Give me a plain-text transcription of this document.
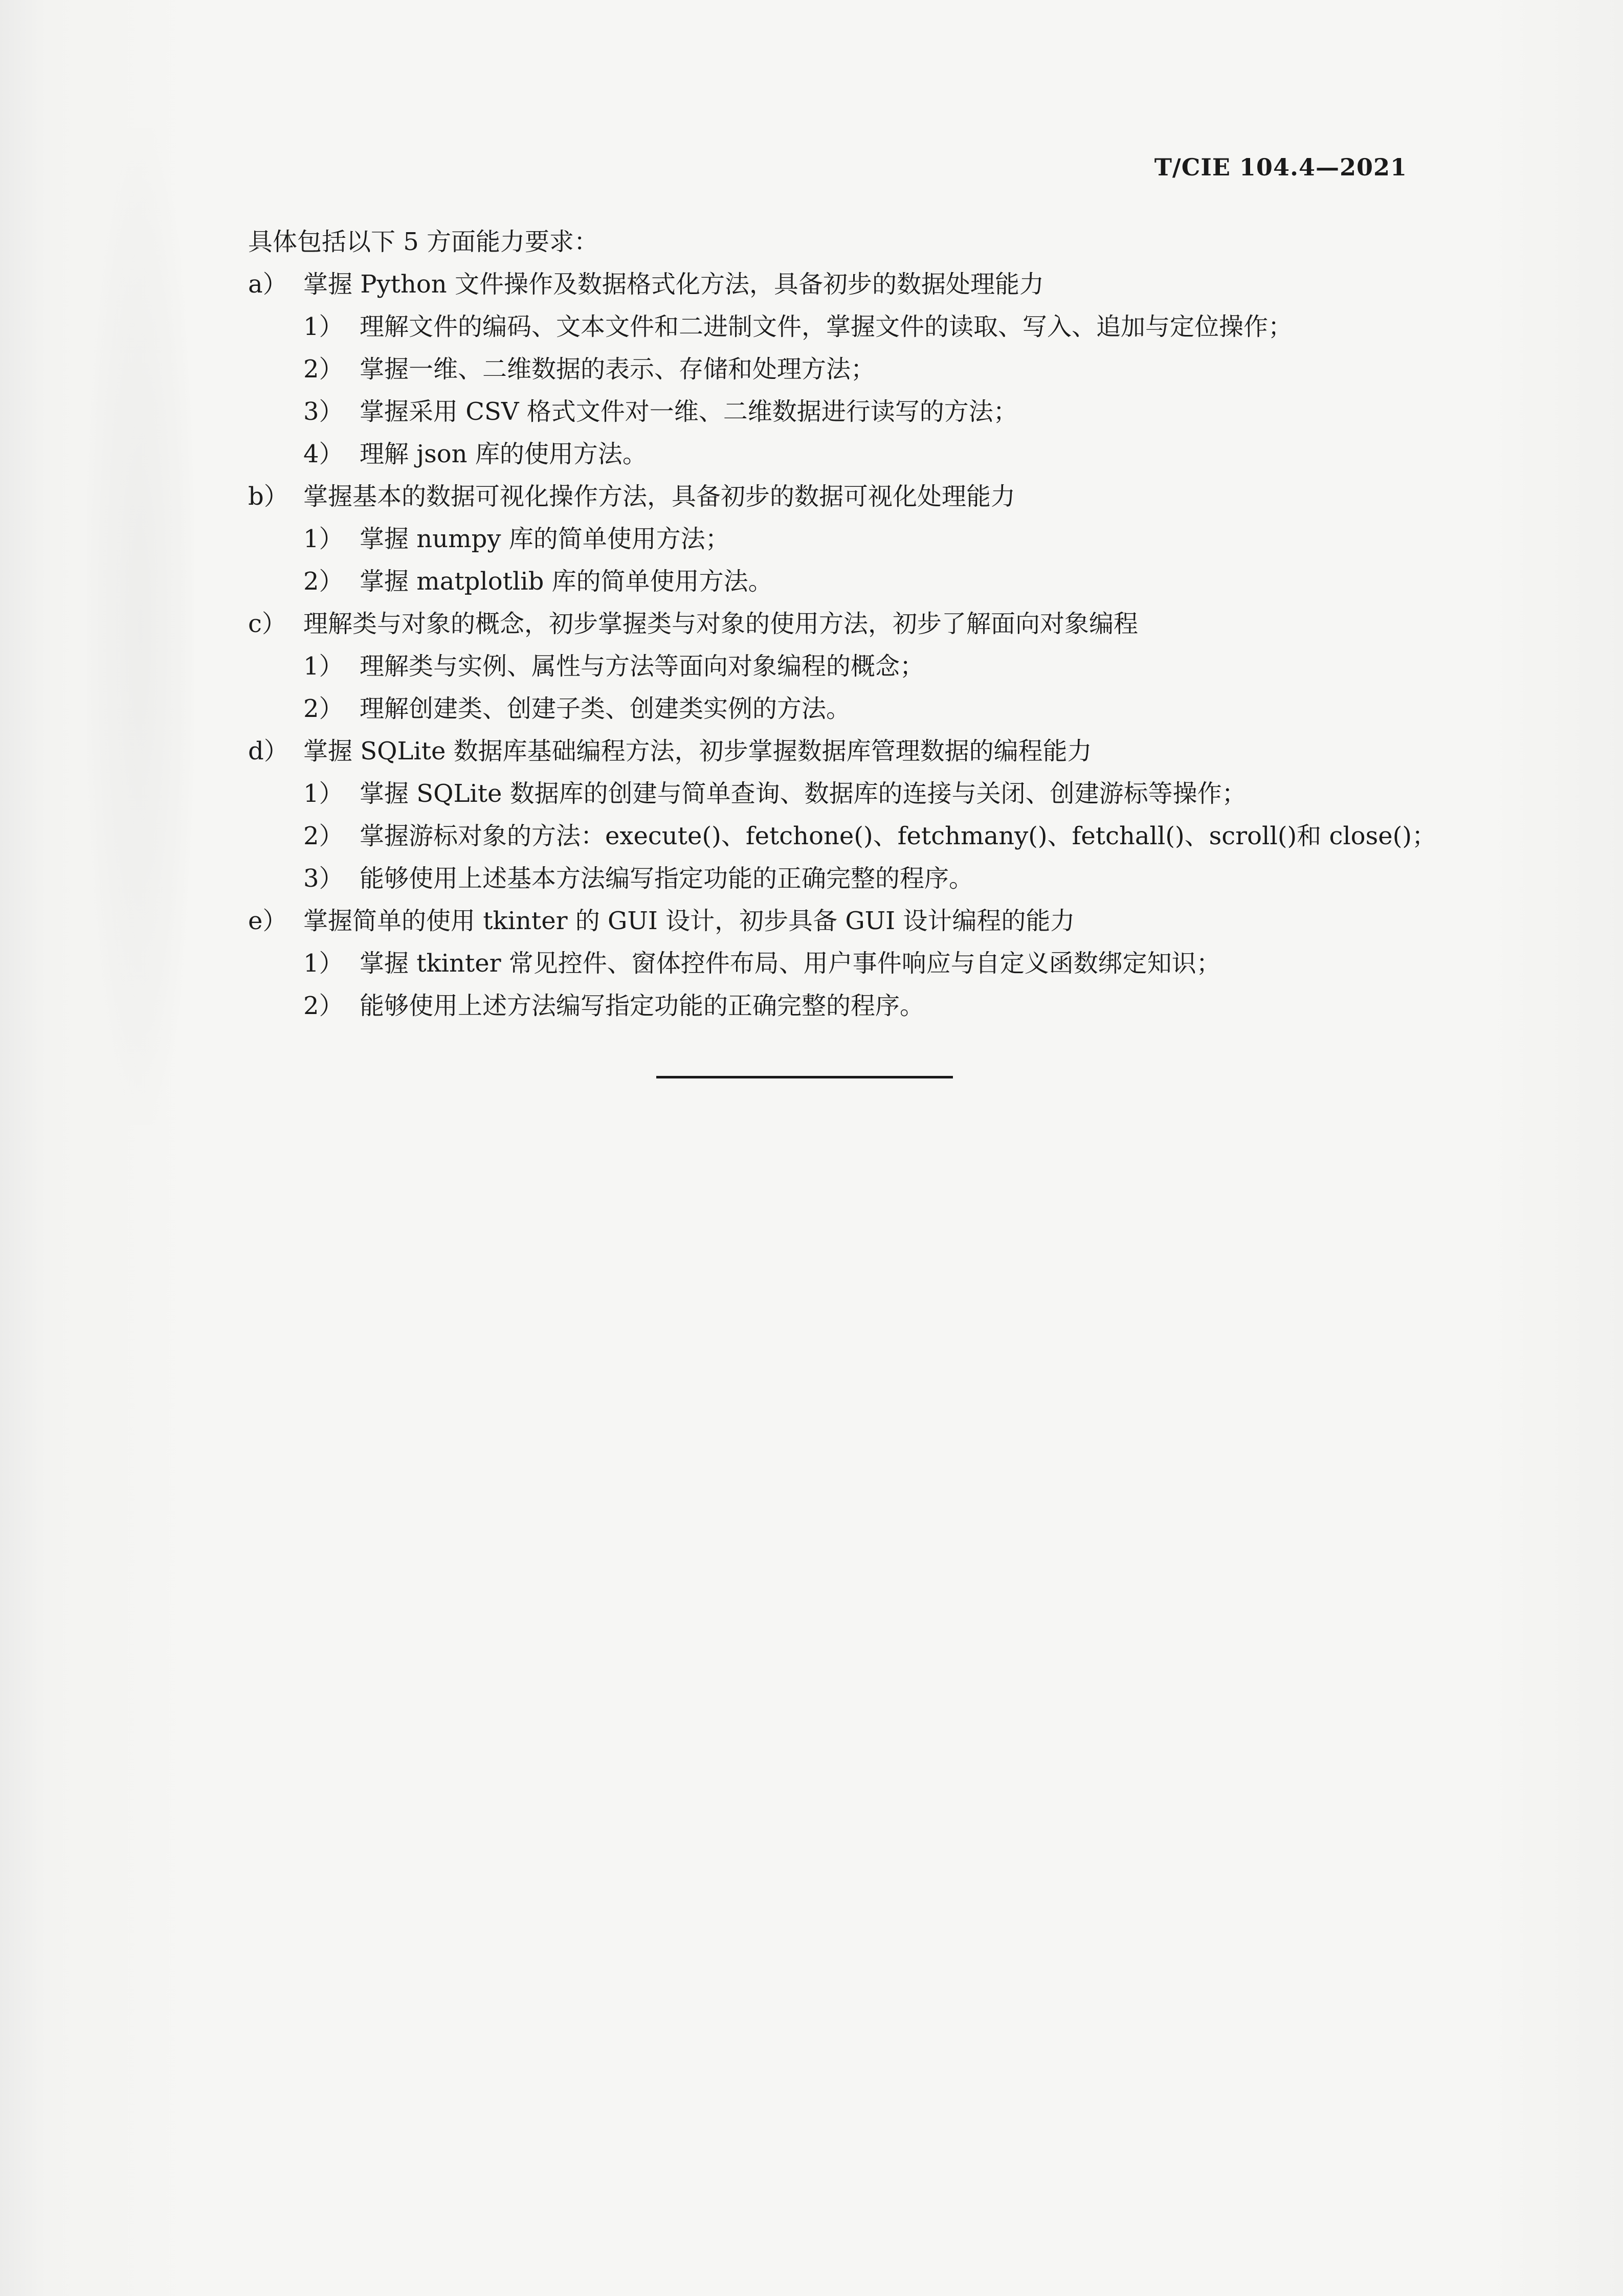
T/CIE 104.4—2021
具体包括以下 5 方面能力要求：
a） 掌握 Python 文件操作及数据格式化方法，具备初步的数据处理能力
1） 理解文件的编码、文本文件和二进制文件，掌握文件的读取、写入、追加与定位操作；
2） 掌握一维、二维数据的表示、存储和处理方法；
3） 掌握采用 CSV 格式文件对一维、二维数据进行读写的方法；
4） 理解 json 库的使用方法。
b） 掌握基本的数据可视化操作方法，具备初步的数据可视化处理能力
1） 掌握 numpy 库的简单使用方法；
2） 掌握 matplotlib 库的简单使用方法。
c） 理解类与对象的概念，初步掌握类与对象的使用方法，初步了解面向对象编程
1） 理解类与实例、属性与方法等面向对象编程的概念；
2） 理解创建类、创建子类、创建类实例的方法。
d） 掌握 SQLite 数据库基础编程方法，初步掌握数据库管理数据的编程能力
1） 掌握 SQLite 数据库的创建与简单查询、数据库的连接与关闭、创建游标等操作；
2） 掌握游标对象的方法：execute()、fetchone()、fetchmany()、fetchall()、scroll()和 close()；
3） 能够使用上述基本方法编写指定功能的正确完整的程序。
e） 掌握简单的使用 tkinter 的 GUI 设计，初步具备 GUI 设计编程的能力
1） 掌握 tkinter 常见控件、窗体控件布局、用户事件响应与自定义函数绑定知识；
2） 能够使用上述方法编写指定功能的正确完整的程序。
